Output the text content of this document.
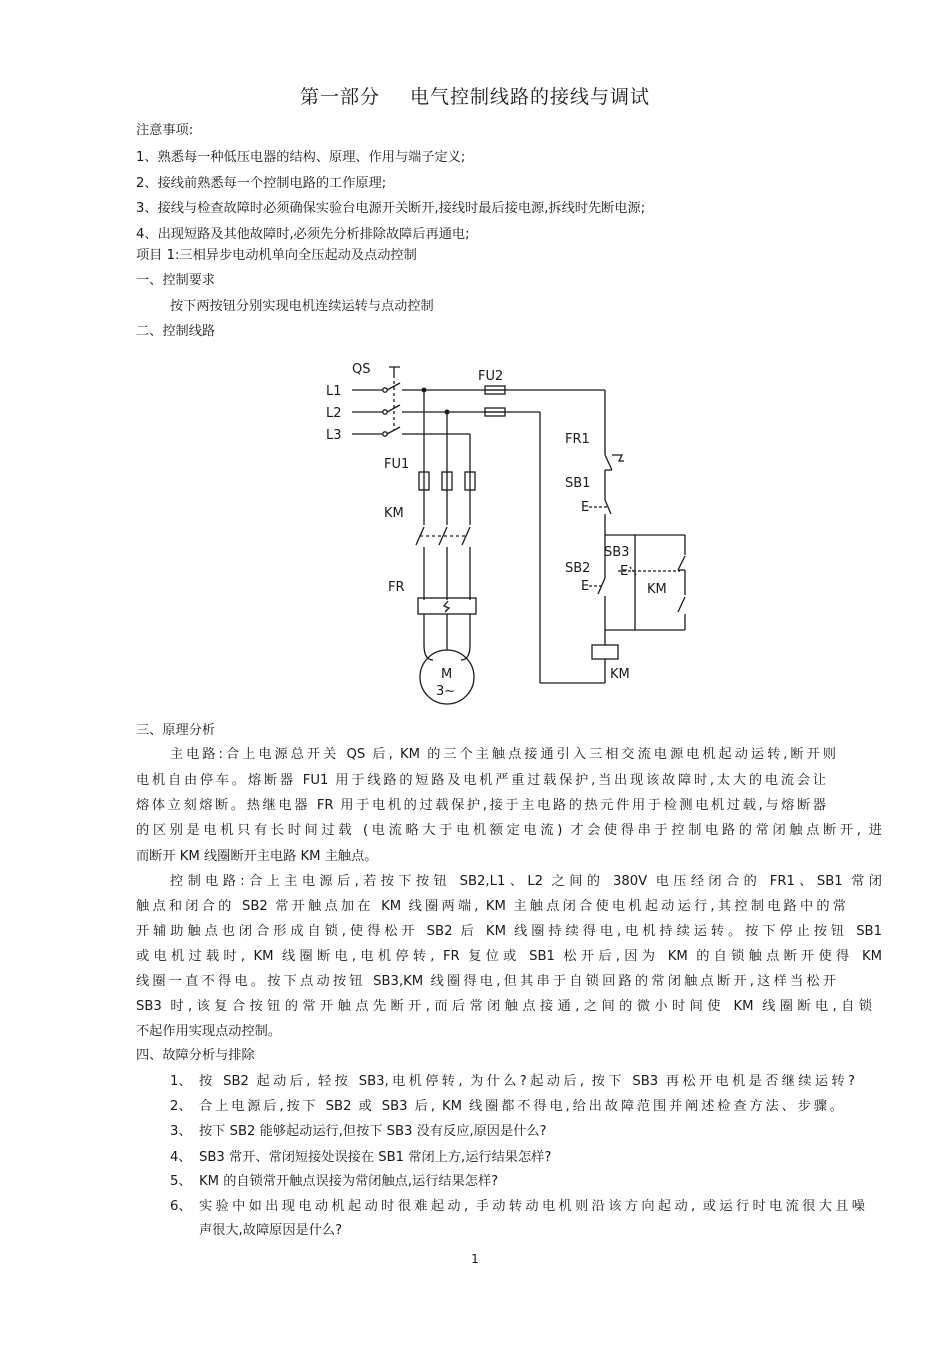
第一部分 电气控制线路的接线与调试
注意事项:
1、熟悉每一种低压电器的结构、原理、作用与端子定义;
2、接线前熟悉每一个控制电路的工作原理;
3、接线与检查故障时必须确保实验台电源开关断开,接线时最后接电源,拆线时先断电源;
4、出现短路及其他故障时,必须先分析排除故障后再通电;
项目 1:三相异步电动机单向全压起动及点动控制
一、控制要求
按下两按钮分别实现电机连续运转与点动控制
二、控制线路
QS
L1
L2
L3
FU2
FU1
KM
FR
M
3~
FR1
SB1
E
SB3
E
SB2
E	KM
KM
三、原理分析
主电路:合上电源总开关 QS 后, KM 的三个主触点接通引入三相交流电源电机起动运转,断开则
电机自由停车。熔断器 FU1 用于线路的短路及电机严重过载保护,当出现该故障时,太大的电流会让
熔体立刻熔断。热继电器 FR 用于电机的过载保护,接于主电路的热元件用于检测电机过载,与熔断器
的区别是电机只有长时间过载 (电流略大于电机额定电流) 才会使得串于控制电路的常闭触点断开, 进
而断开 KM 线圈断开主电路 KM 主触点。
控制电路:合上主电源后,若按下按钮 SB2,L1、L2 之间的 380V 电压经闭合的 FR1、SB1 常闭
触点和闭合的 SB2 常开触点加在 KM 线圈两端, KM 主触点闭合使电机起动运行,其控制电路中的常
开辅助触点也闭合形成自锁,使得松开 SB2 后 KM 线圈持续得电,电机持续运转。按下停止按钮 SB1
或电机过载时, KM 线圈断电,电机停转, FR 复位或 SB1 松开后,因为 KM 的自锁触点断开使得 KM
线圈一直不得电。按下点动按钮 SB3,KM 线圈得电,但其串于自锁回路的常闭触点断开,这样当松开
SB3 时,该复合按钮的常开触点先断开,而后常闭触点接通,之间的微小时间使 KM 线圈断电,自锁
不起作用实现点动控制。
四、故障分析与排除
1、 按 SB2 起动后, 轻按 SB3,电机停转, 为什么?起动后, 按下 SB3 再松开电机是否继续运转?
2、 合上电源后,按下 SB2 或 SB3 后, KM 线圈都不得电,给出故障范围并阐述检查方法、步骤。
3、 按下 SB2 能够起动运行,但按下 SB3 没有反应,原因是什么?
4、 SB3 常开、常闭短接处误接在 SB1 常闭上方,运行结果怎样?
5、 KM 的自锁常开触点误接为常闭触点,运行结果怎样?
6、 实验中如出现电动机起动时很难起动, 手动转动电机则沿该方向起动, 或运行时电流很大且噪
声很大,故障原因是什么?
1
